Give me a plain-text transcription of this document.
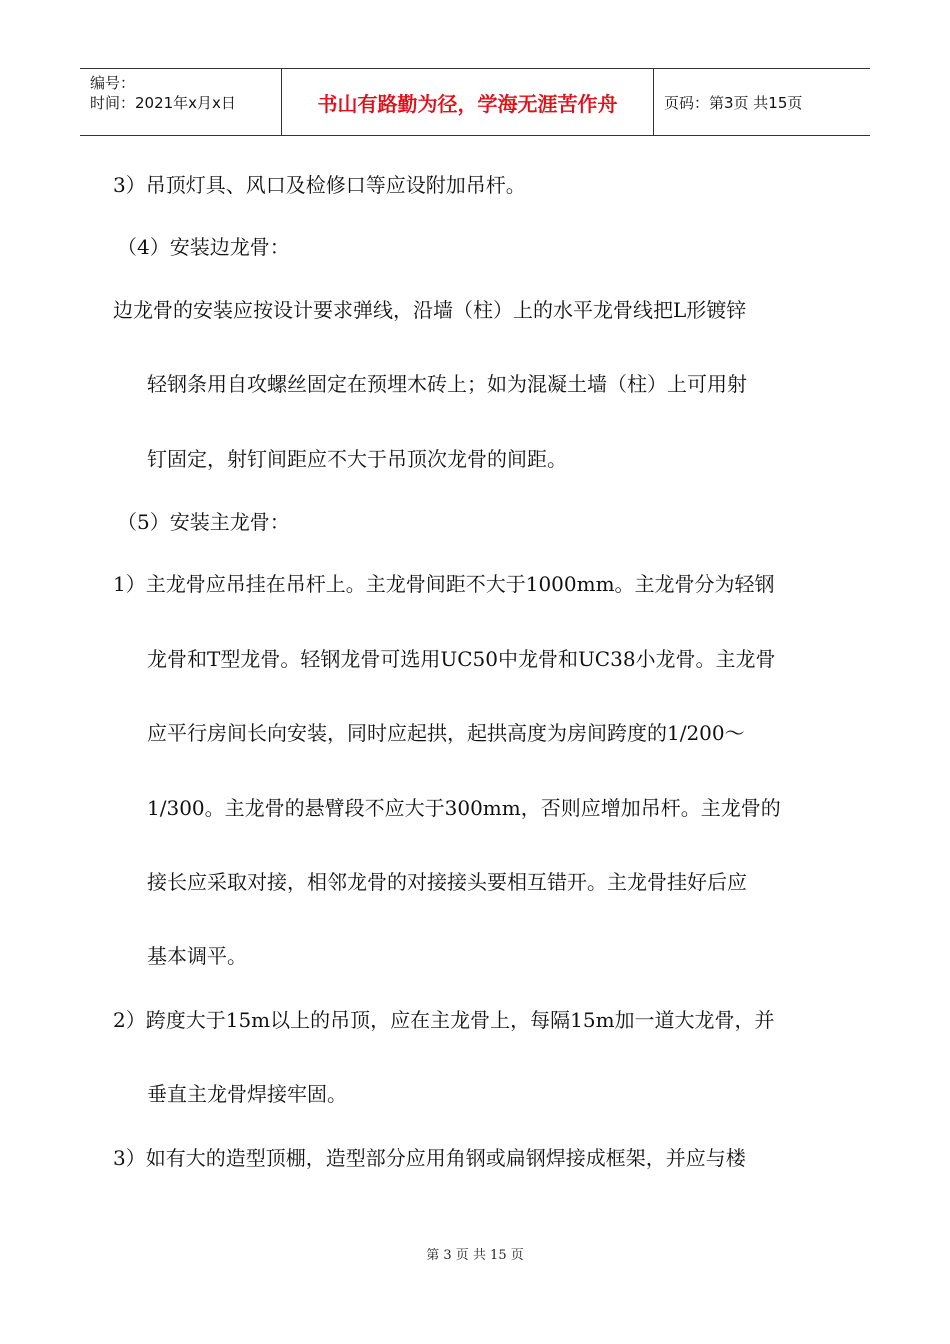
编号：
时间：2021年x月x日	书山有路勤为径，学海无涯苦作舟	页码：第3页 共15页
3）吊顶灯具、风口及检修口等应设附加吊杆。
（4）安装边龙骨：
边龙骨的安装应按设计要求弹线，沿墙（柱）上的水平龙骨线把L形镀锌
轻钢条用自攻螺丝固定在预埋木砖上；如为混凝土墙（柱）上可用射
钉固定，射钉间距应不大于吊顶次龙骨的间距。
（5）安装主龙骨：
1）主龙骨应吊挂在吊杆上。主龙骨间距不大于1000mm。主龙骨分为轻钢
龙骨和T型龙骨。轻钢龙骨可选用UC50中龙骨和UC38小龙骨。主龙骨
应平行房间长向安装，同时应起拱，起拱高度为房间跨度的1/200～
1/300。主龙骨的悬臂段不应大于300mm，否则应增加吊杆。主龙骨的
接长应采取对接，相邻龙骨的对接接头要相互错开。主龙骨挂好后应
基本调平。
2）跨度大于15m以上的吊顶，应在主龙骨上，每隔15m加一道大龙骨，并
垂直主龙骨焊接牢固。
3）如有大的造型顶棚，造型部分应用角钢或扁钢焊接成框架，并应与楼
第 3 页 共 15 页
